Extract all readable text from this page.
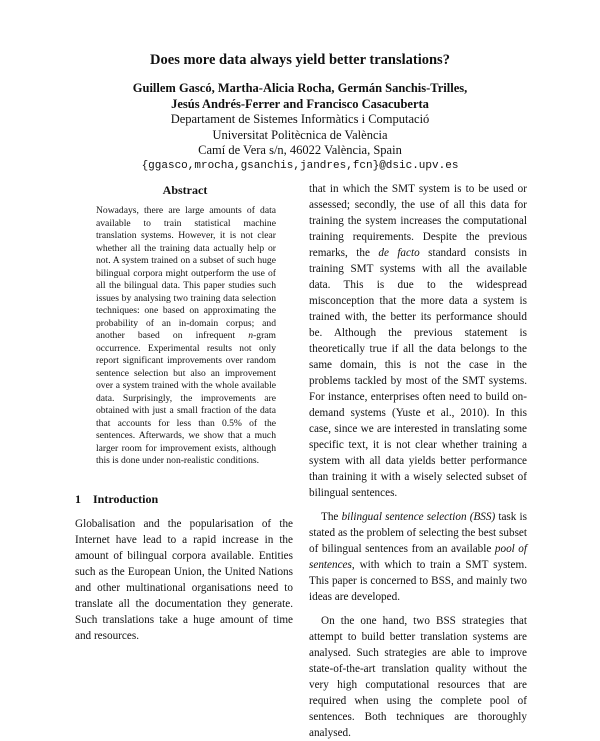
Does more data always yield better translations?
Guillem Gascó, Martha-Alicia Rocha, Germán Sanchis-Trilles,
Jesús Andrés-Ferrer and Francisco Casacuberta
Departament de Sistemes Informàtics i Computació
Universitat Politècnica de València
Camí de Vera s/n, 46022 València, Spain
{ggasco,mrocha,gsanchis,jandres,fcn}@dsic.upv.es
Abstract

Nowadays, there are large amounts of data available to train statistical machine translation systems. However, it is not clear whether all the training data actually help or not. A system trained on a subset of such huge bilingual corpora might outperform the use of all the bilingual data. This paper studies such issues by analysing two training data selection techniques: one based on approximating the probability of an in-domain corpus; and another based on infrequent n-gram occurrence. Experimental results not only report significant improvements over random sentence selection but also an improvement over a system trained with the whole available data. Surprisingly, the improvements are obtained with just a small fraction of the data that accounts for less than 0.5% of the sentences. Afterwards, we show that a much larger room for improvement exists, although this is done under non-realistic conditions.

1 Introduction

Globalisation and the popularisation of the Internet have lead to a rapid increase in the amount of bilingual corpora available. Entities such as the European Union, the United Nations and other multinational organisations need to translate all the documentation they generate. Such translations take a huge amount of time and resources.

that in which the SMT system is to be used or assessed; secondly, the use of all this data for training the system increases the computational training requirements. Despite the previous remarks, the de facto standard consists in training SMT systems with all the available data. This is due to the widespread misconception that the more data a system is trained with, the better its performance should be. Although the previous statement is theoretically true if all the data belongs to the same domain, this is not the case in the problems tackled by most of the SMT systems. For instance, enterprises often need to build on-demand systems (Yuste et al., 2010). In this case, since we are interested in translating some specific text, it is not clear whether training a system with all data yields better performance than training it with a wisely selected subset of bilingual sentences.

The bilingual sentence selection (BSS) task is stated as the problem of selecting the best subset of bilingual sentences from an available pool of sentences, with which to train a SMT system. This paper is concerned to BSS, and mainly two ideas are developed.

On the one hand, two BSS strategies that attempt to build better translation systems are analysed. Such strategies are able to improve state-of-the-art translation quality without the very high computational resources that are required when using the complete pool of sentences. Both techniques are thoroughly analysed.
